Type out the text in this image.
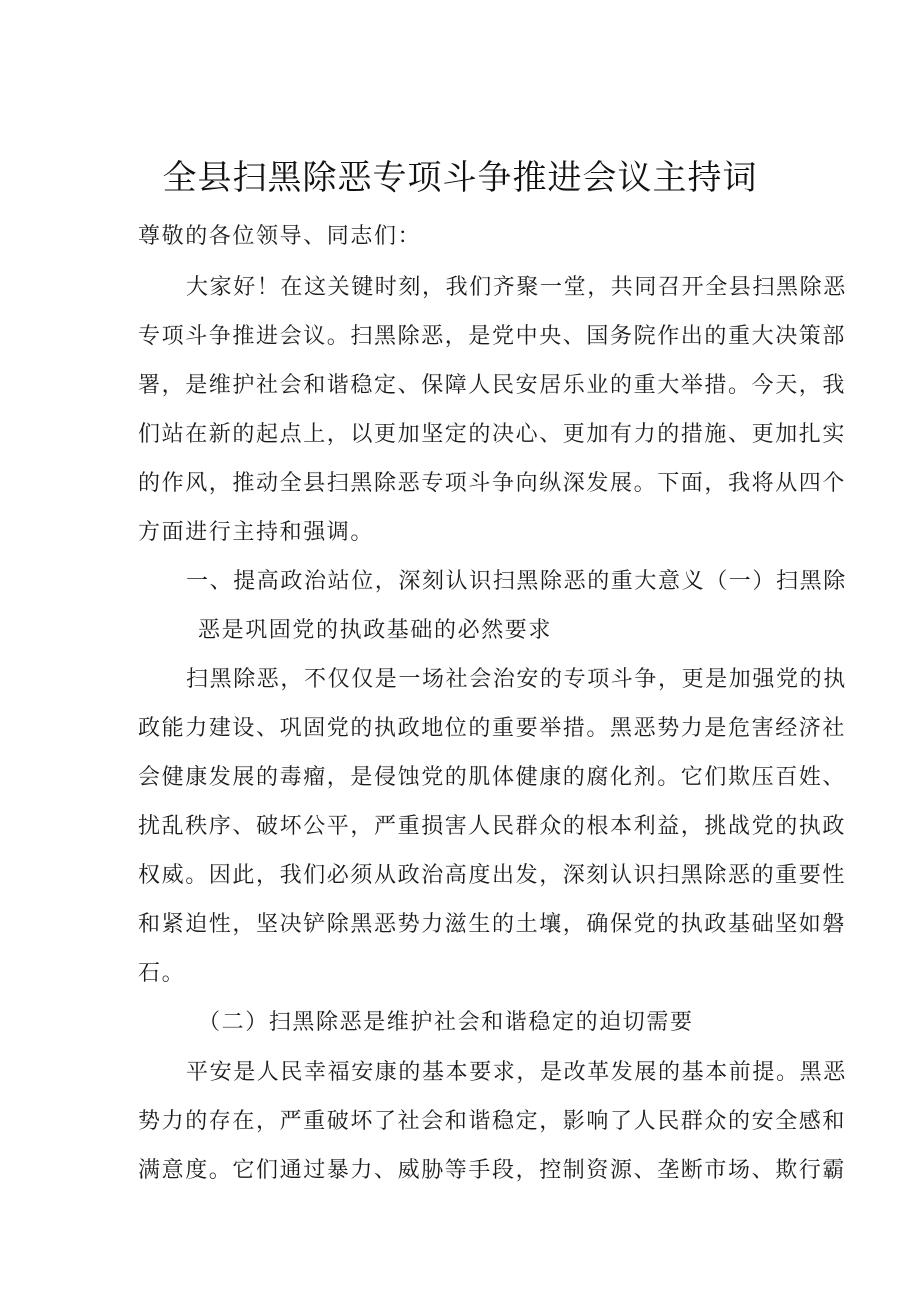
全县扫黑除恶专项斗争推进会议主持词
尊敬的各位领导、同志们：
大家好！在这关键时刻，我们齐聚一堂，共同召开全县扫黑除恶
专项斗争推进会议。扫黑除恶，是党中央、国务院作出的重大决策部
署，是维护社会和谐稳定、保障人民安居乐业的重大举措。今天，我
们站在新的起点上，以更加坚定的决心、更加有力的措施、更加扎实
的作风，推动全县扫黑除恶专项斗争向纵深发展。下面，我将从四个
方面进行主持和强调。
一、提高政治站位，深刻认识扫黑除恶的重大意义（一）扫黑除
恶是巩固党的执政基础的必然要求
扫黑除恶，不仅仅是一场社会治安的专项斗争，更是加强党的执
政能力建设、巩固党的执政地位的重要举措。黑恶势力是危害经济社
会健康发展的毒瘤，是侵蚀党的肌体健康的腐化剂。它们欺压百姓、
扰乱秩序、破坏公平，严重损害人民群众的根本利益，挑战党的执政
权威。因此，我们必须从政治高度出发，深刻认识扫黑除恶的重要性
和紧迫性，坚决铲除黑恶势力滋生的土壤，确保党的执政基础坚如磐
石。
（二）扫黑除恶是维护社会和谐稳定的迫切需要
平安是人民幸福安康的基本要求，是改革发展的基本前提。黑恶
势力的存在，严重破坏了社会和谐稳定，影响了人民群众的安全感和
满意度。它们通过暴力、威胁等手段，控制资源、垄断市场、欺行霸
